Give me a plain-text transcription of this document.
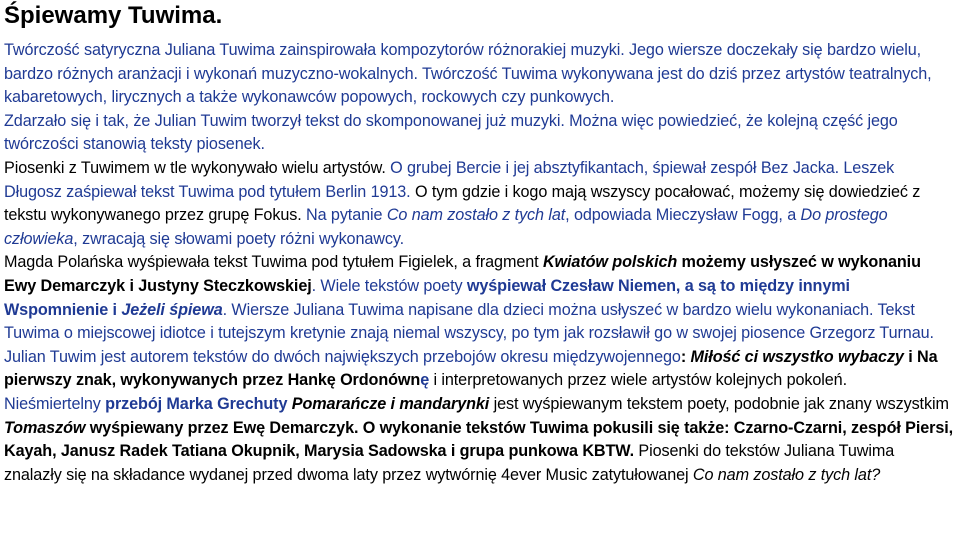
Śpiewamy Tuwima.
Twórczość satyryczna Juliana Tuwima zainspirowała kompozytorów różnorakiej muzyki. Jego wiersze doczekały się bardzo wielu, bardzo różnych aranżacji i wykonań muzyczno-wokalnych. Twórczość Tuwima wykonywana jest do dziś przez artystów teatralnych, kabaretowych, lirycznych a także wykonawców popowych, rockowych czy punkowych.
Zdarzało się i tak, że Julian Tuwim tworzył tekst do skomponowanej już muzyki. Można więc powiedzieć, że kolejną część jego twórczości stanowią teksty piosenek.
Piosenki z Tuwimem w tle wykonywało wielu artystów. O grubej Bercie i jej absztyfikantach, śpiewał zespół Bez Jacka. Leszek Długosz zaśpiewał tekst Tuwima pod tytułem Berlin 1913. O tym gdzie i kogo mają wszyscy pocałować, możemy się dowiedzieć z tekstu wykonywanego przez grupę Fokus. Na pytanie Co nam zostało z tych lat, odpowiada Mieczysław Fogg, a Do prostego człowieka, zwracają się słowami poety różni wykonawcy.
Magda Polańska wyśpiewała tekst Tuwima pod tytułem Figielek, a fragment Kwiatów polskich możemy usłyszeć w wykonaniu Ewy Demarczyk i Justyny Steczkowskiej. Wiele tekstów poety wyśpiewał Czesław Niemen, a są to między innymi Wspomnienie i Jeżeli śpiewa. Wiersze Juliana Tuwima napisane dla dzieci można usłyszeć w bardzo wielu wykonaniach. Tekst Tuwima o miejscowej idiotce i tutejszym kretynie znają niemal wszyscy, po tym jak rozsławił go w swojej piosence Grzegorz Turnau. Julian Tuwim jest autorem tekstów do dwóch największych przebojów okresu międzywojennego: Miłość ci wszystko wybaczy i Na pierwszy znak, wykonywanych przez Hankę Ordonównę i interpretowanych przez wiele artystów kolejnych pokoleń.
Nieśmiertelny przebój Marka Grechuty Pomarańcze i mandarynki jest wyśpiewanym tekstem poety, podobnie jak znany wszystkim Tomaszów wyśpiewany przez Ewę Demarczyk. O wykonanie tekstów Tuwima pokusili się także: Czarno-Czarni, zespół Piersi, Kayah, Janusz Radek Tatiana Okupnik, Marysia Sadowska i grupa punkowa KBTW. Piosenki do tekstów Juliana Tuwima znalazły się na składance wydanej przed dwoma laty przez wytwórnię 4ever Music zatytułowanej Co nam zostało z tych lat?
